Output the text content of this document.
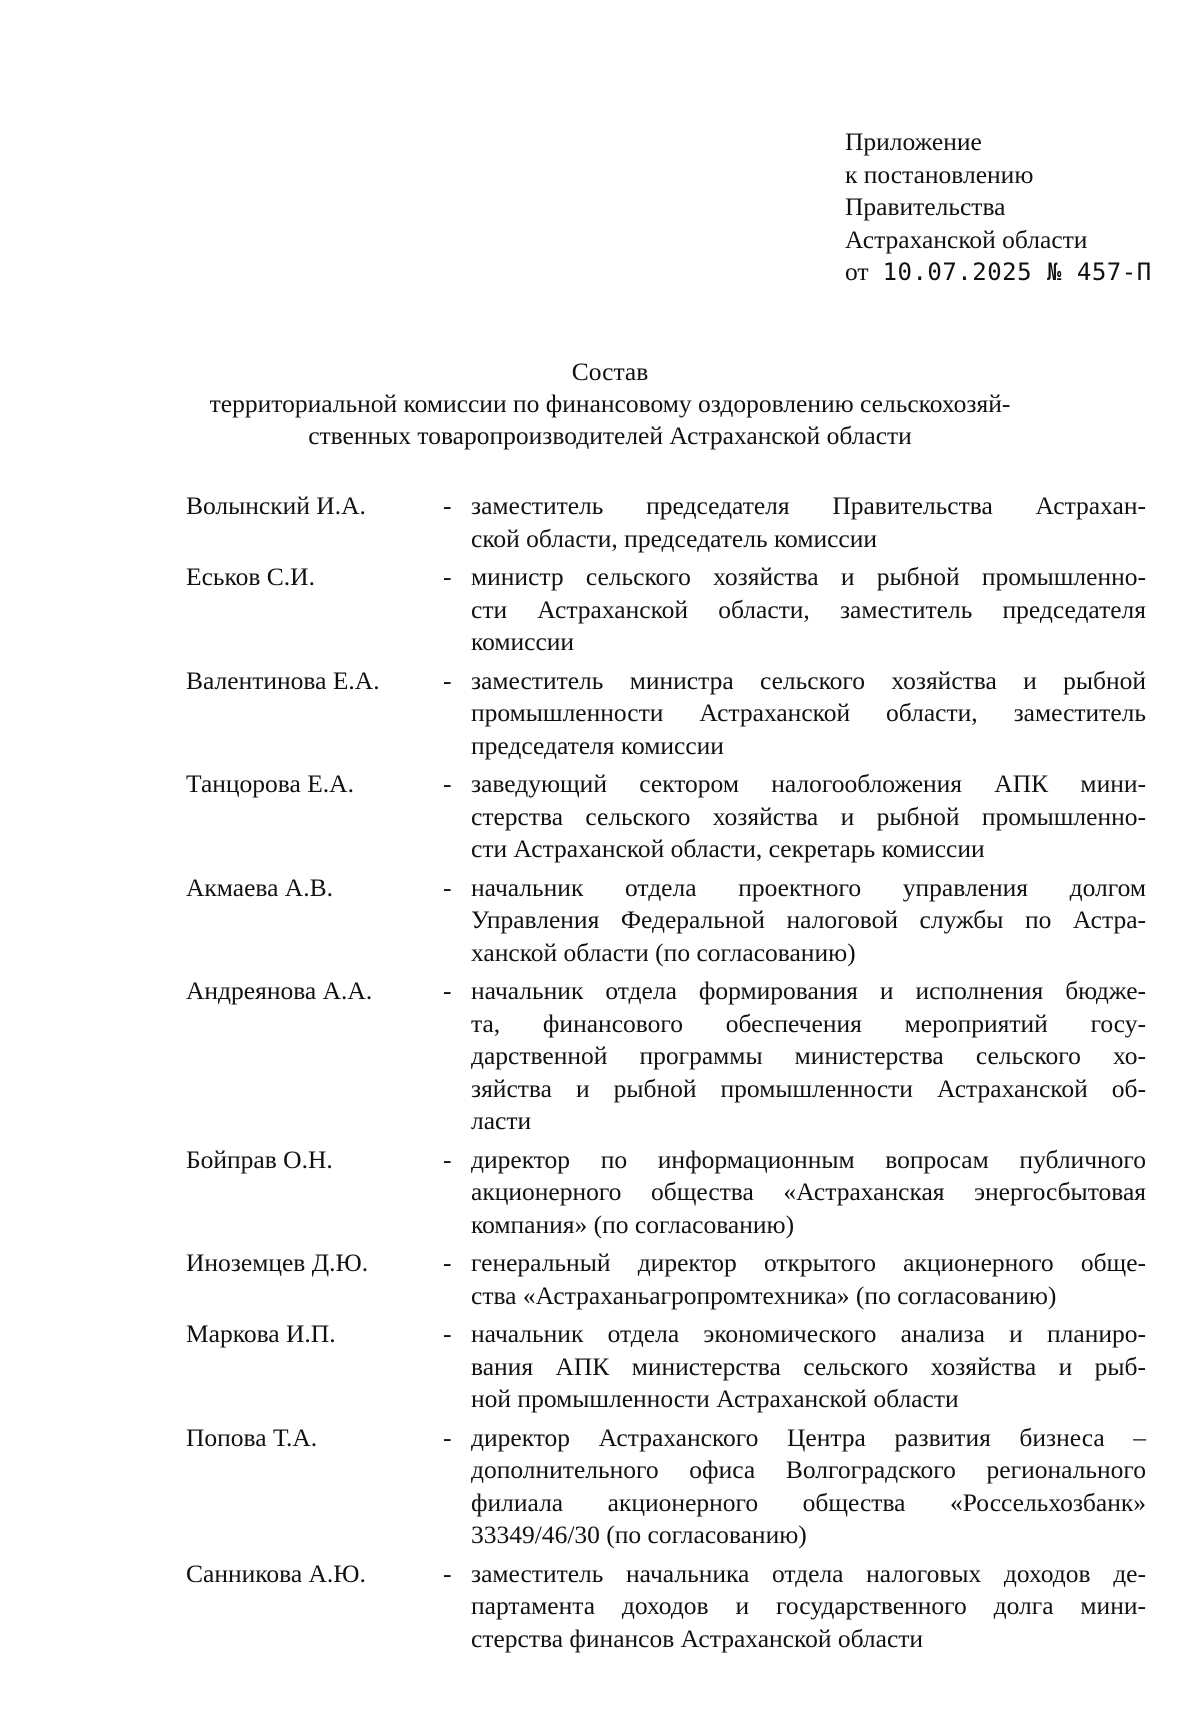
Приложение
к постановлению
Правительства
Астраханской области
от 10.07.2025 № 457-П
Состав
территориальной комиссии по финансовому оздоровлению сельскохозяй-
ственных товаропроизводителей Астраханской области
Волынский И.А.	- заместитель председателя Правительства Астрахан-
ской области, председатель комиссии
Еськов С.И.	- министр сельского хозяйства и рыбной промышленно-
сти Астраханской области, заместитель председателя
комиссии
Валентинова Е.А.	- заместитель министра сельского хозяйства и рыбной
промышленности Астраханской области, заместитель
председателя комиссии
Танцорова Е.А.	- заведующий сектором налогообложения АПК мини-
стерства сельского хозяйства и рыбной промышленно-
сти Астраханской области, секретарь комиссии
Акмаева А.В.	- начальник отдела проектного управления долгом
Управления Федеральной налоговой службы по Астра-
ханской области (по согласованию)
Андреянова А.А.	- начальник отдела формирования и исполнения бюдже-
та, финансового обеспечения мероприятий госу-
дарственной программы министерства сельского хо-
зяйства и рыбной промышленности Астраханской об-
ласти
Бойправ О.Н.	- директор по информационным вопросам публичного
акционерного общества «Астраханская энергосбытовая
компания» (по согласованию)
Иноземцев Д.Ю.	- генеральный директор открытого акционерного обще-
ства «Астраханьагропромтехника» (по согласованию)
Маркова И.П.	- начальник отдела экономического анализа и планиро-
вания АПК министерства сельского хозяйства и рыб-
ной промышленности Астраханской области
Попова Т.А.	- директор Астраханского Центра развития бизнеса –
дополнительного офиса Волгоградского регионального
филиала акционерного общества «Россельхозбанк»
33349/46/30 (по согласованию)
Санникова А.Ю.	- заместитель начальника отдела налоговых доходов де-
партамента доходов и государственного долга мини-
стерства финансов Астраханской области
